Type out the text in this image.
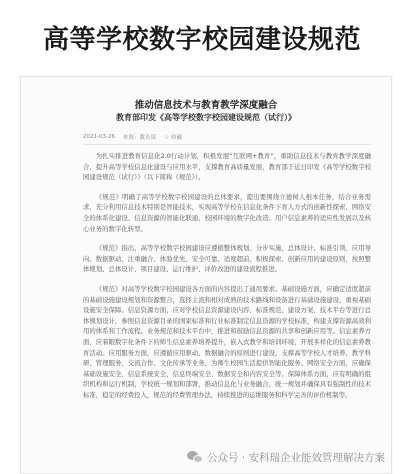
高等学校数字校园建设规范
推动信息技术与教育教学深度融合
教育部印发《高等学校数字校园建设规范（试行）》
2021-03-26 来源：教育部 ☆ 收藏

为扎实推进教育信息化2.0行动计划，积极发展“互联网+教育”，重助信息技术与教育教学深度融合，提升高等学校信息化建设与应用水平，支撑教育高质量发展，教育部于近日印发《高等学校数字校园建设规范（试行）》（以下简称《规范》）。

《规范》明确了高等学校数字校园建设的总体要求，提出要围绕立德树人根本任务，结合业务需求，充分利用信息技术特别是智能技术，实现高等学校在信息化条件下育人方式的创新性探索、网络安全的体系化建设、信息资源的智能化联通、校园环境的数字化改造、用户信息素养的适应性发展以及核心业务的数字化转型。

《规范》指出，高等学校数字校园建设应遵循整体规划、分步实施、总体设计、标准引领、应用导向、数据驱动、注重融合、体验优先、安全可靠、适度超前、积极探索、创新应用的建设原则，按照整体规划、总体设计、项目建设、运行维护、评价改进的建设流程推进。

《规范》对高等学校数字校园建设各方面的内容提出了通用要求。基础设施方面，应确定适度超前的基础设施建设规划和资源整合，选择主流和相对成熟的技术路线和设备进行基础设施建设，重视基础设施安全保障。信息资源方面，应对学校信息资源建设内容、标准规范、建设方案、技术平台等进行总体规划设计，参照信息资源目录的国家标准和行业标准制定信息资源的学校标准，构建支撑资源高效利用的体系和工作流程。业务规范和技术平台中，推进和鼓励信息资源的共享和创新应用等。信息素养方面，应着眼数字化条件下的师生信息素养培养提升，嵌入式教学和培训环境，开展多样化的信息素养教育活动。应用服务方面，应遵循应用驱动、数据融合的原则进行建设，支撑高等学校人才培养、教学科研、管理服务、交流合作、文化传承等业务，为师生校园生活提供智能化服务。网络安全方面，应确保基础设施安全、信息系统安全、信息终端安全、数据安全和内容安全等。保障体系方面，应有明确的组织机构和运行机制，学校统一规划和部署，推动信息化与业务融合，统一规划并确保具有强制性的技术标准，稳定的经费投入，规范的经费管理办法，持续推进的运维服务和科学完善的评价机制等。

公众号 · 安科瑞企业能效管理解决方案
